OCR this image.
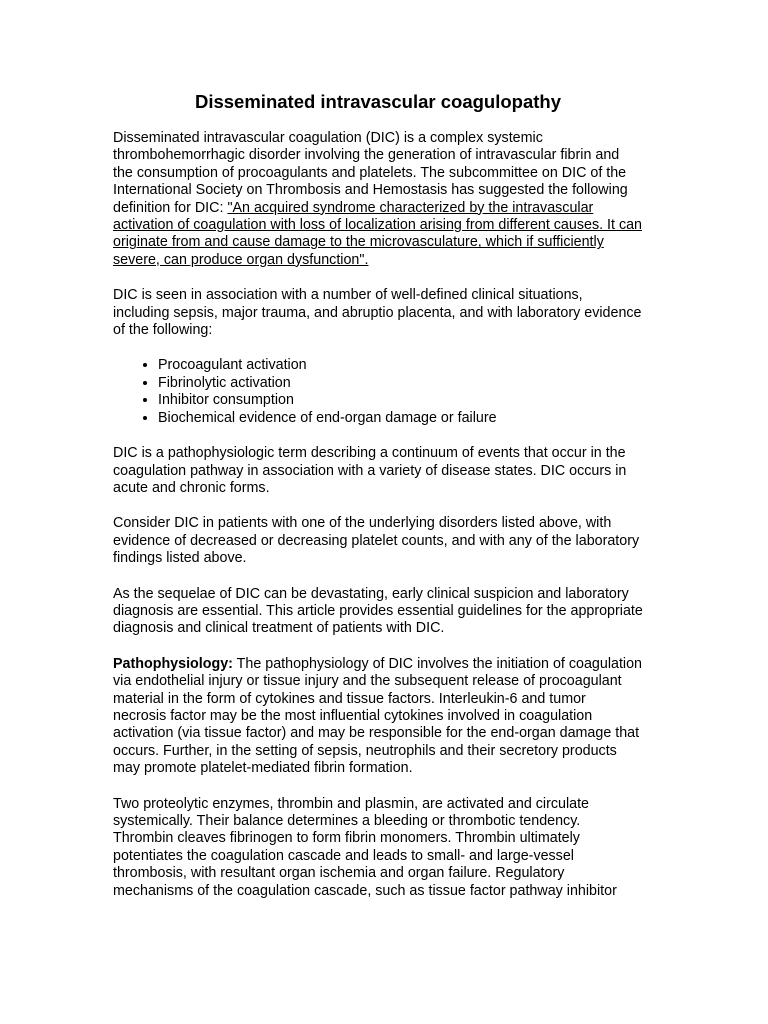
Disseminated intravascular coagulopathy

Disseminated intravascular coagulation (DIC) is a complex systemic thrombohemorrhagic disorder involving the generation of intravascular fibrin and the consumption of procoagulants and platelets. The subcommittee on DIC of the International Society on Thrombosis and Hemostasis has suggested the following definition for DIC: "An acquired syndrome characterized by the intravascular activation of coagulation with loss of localization arising from different causes. It can originate from and cause damage to the microvasculature, which if sufficiently severe, can produce organ dysfunction".

DIC is seen in association with a number of well-defined clinical situations, including sepsis, major trauma, and abruptio placenta, and with laboratory evidence of the following:

• Procoagulant activation
• Fibrinolytic activation
• Inhibitor consumption
• Biochemical evidence of end-organ damage or failure

DIC is a pathophysiologic term describing a continuum of events that occur in the coagulation pathway in association with a variety of disease states. DIC occurs in acute and chronic forms.

Consider DIC in patients with one of the underlying disorders listed above, with evidence of decreased or decreasing platelet counts, and with any of the laboratory findings listed above.

As the sequelae of DIC can be devastating, early clinical suspicion and laboratory diagnosis are essential. This article provides essential guidelines for the appropriate diagnosis and clinical treatment of patients with DIC.

Pathophysiology: The pathophysiology of DIC involves the initiation of coagulation via endothelial injury or tissue injury and the subsequent release of procoagulant material in the form of cytokines and tissue factors. Interleukin-6 and tumor necrosis factor may be the most influential cytokines involved in coagulation activation (via tissue factor) and may be responsible for the end-organ damage that occurs. Further, in the setting of sepsis, neutrophils and their secretory products may promote platelet-mediated fibrin formation.

Two proteolytic enzymes, thrombin and plasmin, are activated and circulate systemically. Their balance determines a bleeding or thrombotic tendency. Thrombin cleaves fibrinogen to form fibrin monomers. Thrombin ultimately potentiates the coagulation cascade and leads to small- and large-vessel thrombosis, with resultant organ ischemia and organ failure. Regulatory mechanisms of the coagulation cascade, such as tissue factor pathway inhibitor
